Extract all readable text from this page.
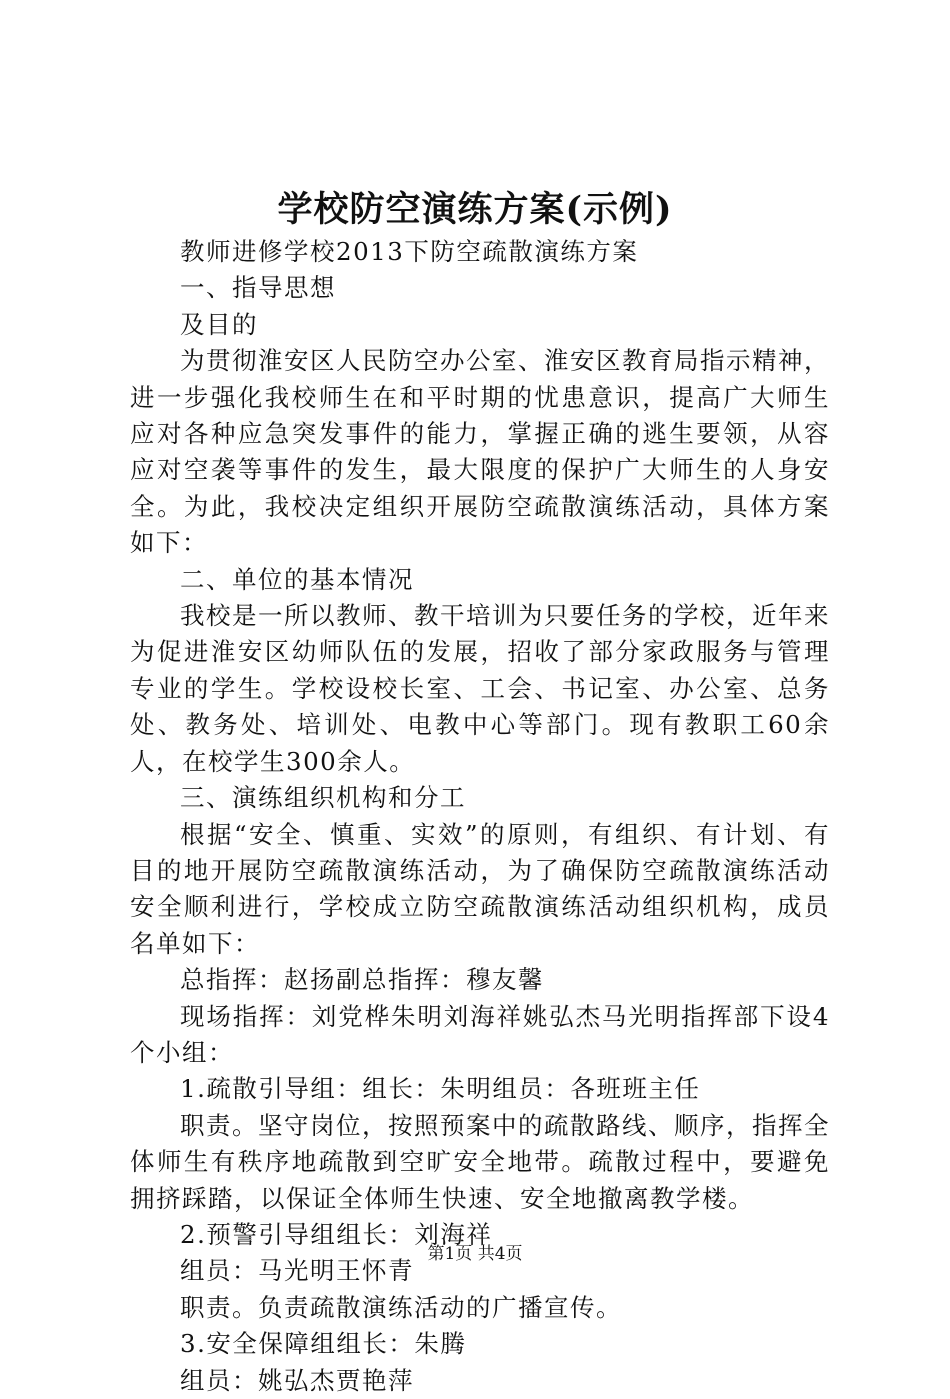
学校防空演练方案(示例)

教师进修学校2013下防空疏散演练方案

一、指导思想

及目的

为贯彻淮安区人民防空办公室、淮安区教育局指示精神，进一步强化我校师生在和平时期的忧患意识，提高广大师生应对各种应急突发事件的能力，掌握正确的逃生要领，从容应对空袭等事件的发生，最大限度的保护广大师生的人身安全。为此，我校决定组织开展防空疏散演练活动，具体方案如下：

二、单位的基本情况

我校是一所以教师、教干培训为只要任务的学校，近年来为促进淮安区幼师队伍的发展，招收了部分家政服务与管理专业的学生。学校设校长室、工会、书记室、办公室、总务处、教务处、培训处、电教中心等部门。现有教职工60余人，在校学生300余人。

三、演练组织机构和分工

根据“安全、慎重、实效”的原则，有组织、有计划、有目的地开展防空疏散演练活动，为了确保防空疏散演练活动安全顺利进行，学校成立防空疏散演练活动组织机构，成员名单如下：

总指挥：赵扬副总指挥：穆友馨

现场指挥：刘党桦朱明刘海祥姚弘杰马光明指挥部下设4个小组：

1.疏散引导组：组长：朱明组员：各班班主任

职责。坚守岗位，按照预案中的疏散路线、顺序，指挥全体师生有秩序地疏散到空旷安全地带。疏散过程中，要避免拥挤踩踏，以保证全体师生快速、安全地撤离教学楼。

2.预警引导组组长：刘海祥

组员：马光明王怀青

职责。负责疏散演练活动的广播宣传。

3.安全保障组组长：朱腾

组员：姚弘杰贾艳萍

第1页 共4页
